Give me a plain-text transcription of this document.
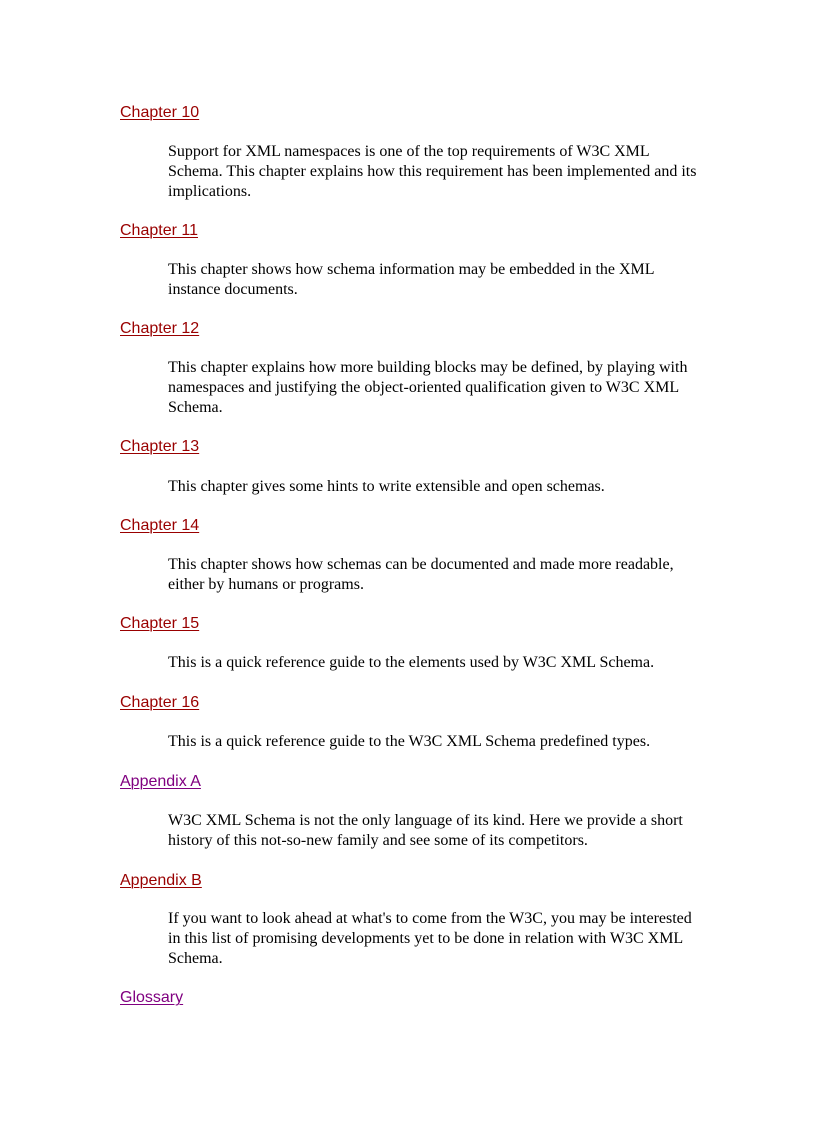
Chapter 10

Support for XML namespaces is one of the top requirements of W3C XML Schema. This chapter explains how this requirement has been implemented and its implications.

Chapter 11

This chapter shows how schema information may be embedded in the XML instance documents.

Chapter 12

This chapter explains how more building blocks may be defined, by playing with namespaces and justifying the object-oriented qualification given to W3C XML Schema.

Chapter 13

This chapter gives some hints to write extensible and open schemas.

Chapter 14

This chapter shows how schemas can be documented and made more readable, either by humans or programs.

Chapter 15

This is a quick reference guide to the elements used by W3C XML Schema.

Chapter 16

This is a quick reference guide to the W3C XML Schema predefined types.

Appendix A

W3C XML Schema is not the only language of its kind. Here we provide a short history of this not-so-new family and see some of its competitors.

Appendix B

If you want to look ahead at what's to come from the W3C, you may be interested in this list of promising developments yet to be done in relation with W3C XML Schema.

Glossary
